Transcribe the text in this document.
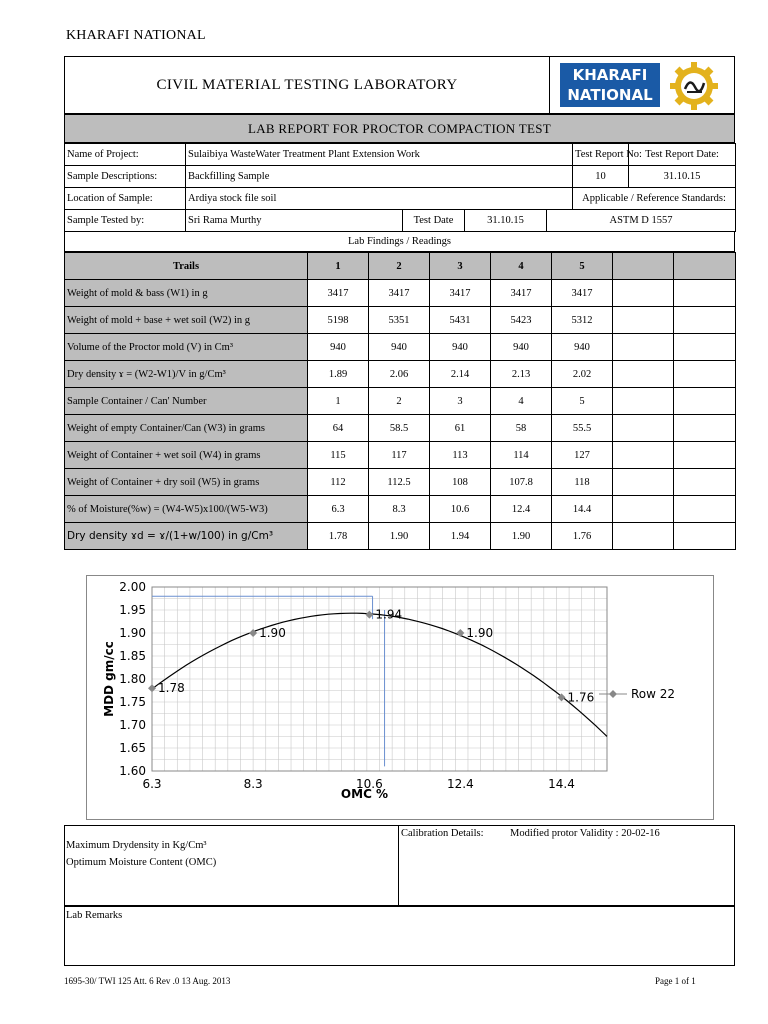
KHARAFI NATIONAL
CIVIL MATERIAL TESTING LABORATORY
KHARAFI
NATIONAL
LAB REPORT FOR PROCTOR COMPACTION TEST
Name of Project:	Sulaibiya WasteWater Treatment Plant Extension Work				Test Report No:	Test Report Date:
Sample Descriptions:	Backfilling Sample				10	31.10.15
Location of Sample:	Ardiya stock file soil				Applicable / Reference Standards:	
Sample Tested by:	Sri Rama Murthy	Test Date	31.10.15	ASTM D 1557		
Lab Findings / Readings
Trails	1	2	3	4	5		
Weight of mold & bass (W1) in g	3417	3417	3417	3417	3417		
Weight of mold + base + wet soil (W2) in g	5198	5351	5431	5423	5312		
Volume of the Proctor mold (V) in Cm³	940	940	940	940	940		
Dry density ɤ = (W2-W1)/V in g/Cm³	1.89	2.06	2.14	2.13	2.02		
Sample Container / Can' Number	1	2	3	4	5		
Weight of empty Container/Can (W3) in grams	64	58.5	61	58	55.5		
Weight of Container + wet soil (W4) in grams	115	117	113	114	127		
Weight of Container + dry soil (W5) in grams	112	112.5	108	107.8	118		
% of Moisture(%w) = (W4-W5)x100/(W5-W3)	6.3	8.3	10.6	12.4	14.4		
Dry density ɤd = ɤ/(1+w/100) in g/Cm³	1.78	1.90	1.94	1.90	1.76		
1.60
1.65
1.70
1.75
1.80
1.85
1.90
1.95
2.00
6.3	8.3	10.6	12.4	14.4
OMC %
MDD gm/cc	1.78
1.90
1.94
1.90
1.76	Row 22
Maximum Drydensity in Kg/Cm³
Optimum Moisture Content (OMC)
Calibration Details:	Modified protor Validity : 20-02-16
Lab Remarks
1695-30/ TWI 125 Att. 6 Rev .0 13 Aug. 2013	Page 1 of 1
